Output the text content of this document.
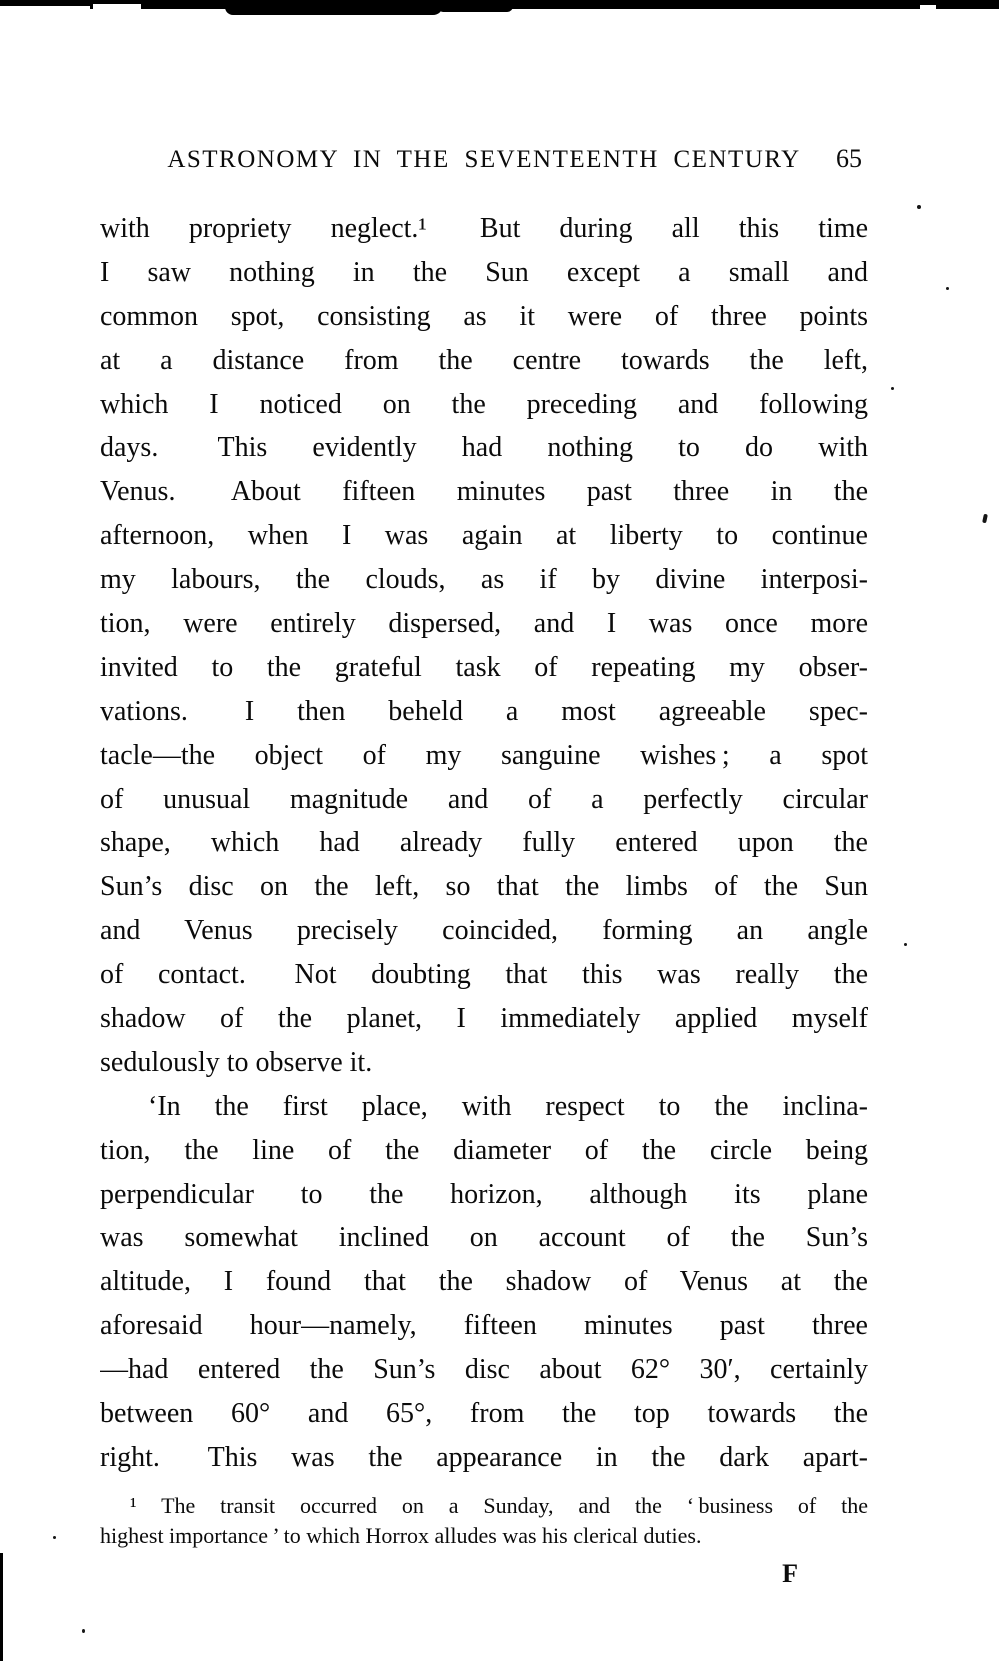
ASTRONOMY IN THE SEVENTEENTH CENTURY 65
with propriety neglect.¹  But during all this time
I saw nothing in the Sun except a small and
common spot, consisting as it were of three points
at a distance from the centre towards the left,
which I noticed on the preceding and following
days.  This evidently had nothing to do with
Venus.  About fifteen minutes past three in the
afternoon, when I was again at liberty to continue
my labours, the clouds, as if by divine interposi-
tion, were entirely dispersed, and I was once more
invited to the grateful task of repeating my obser-
vations.  I then beheld a most agreeable spec-
tacle—the object of my sanguine wishes ; a spot
of unusual magnitude and of a perfectly circular
shape, which had already fully entered upon the
Sun’s disc on the left, so that the limbs of the Sun
and Venus precisely coincided, forming an angle
of contact.  Not doubting that this was really the
shadow of the planet, I immediately applied myself
sedulously to observe it.
‘In the first place, with respect to the inclina-
tion, the line of the diameter of the circle being
perpendicular to the horizon, although its plane
was somewhat inclined on account of the Sun’s
altitude, I found that the shadow of Venus at the
aforesaid hour—namely, fifteen minutes past three
—had entered the Sun’s disc about 62° 30′, certainly
between 60° and 65°, from the top towards the
right.  This was the appearance in the dark apart-
¹ The transit occurred on a Sunday, and the ‘ business of the
highest importance ’ to which Horrox alludes was his clerical duties.
F
